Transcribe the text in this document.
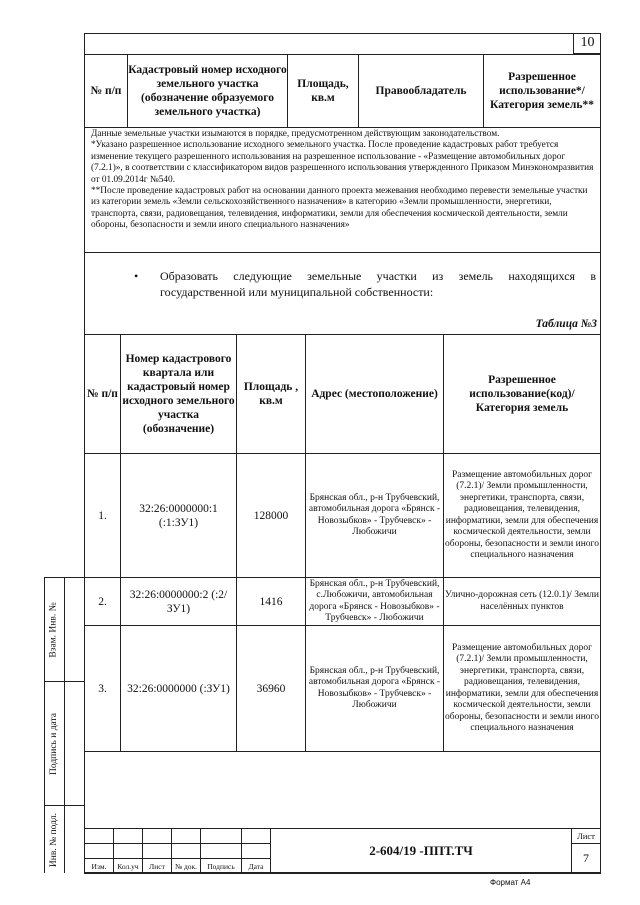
10
№ п/п	Кадастровый номер исходного земельного участка (обозначение образуемого земельного участка)	Площадь, кв.м	Правообладатель	Разрешенное использование*/ Категория земель**

Данные земельные участки изымаются в порядке, предусмотренном действующим законодательством.

*Указано разрешенное использование исходного земельного участка. После проведение кадастровых работ требуется изменение текущего разрешенного использования на разрешенное использование - «Размещение автомобильных дорог (7.2.1)», в соответствии с классификатором видов разрешенного использования утвержденного Приказом Минэкономразвития от 01.09.2014г №540.

**После проведение кадастровых работ на основании данного проекта межевания необходимо перевести земельные участки из категории земель «Земли сельскохозяйственного назначения» в категорию «Земли промышленности, энергетики, транспорта, связи, радиовещания, телевидения, информатики, земли для обеспечения космической деятельности, земли обороны, безопасности и земли иного специального назначения»

•	Образовать следующие земельные участки из земель находящихся в государственной или муниципальной собственности:
Таблица №3
№ п/п	Номер кадастрового квартала или кадастровый номер исходного земельного участка (обозначение)	Площадь , кв.м	Адрес (местоположение)	Разрешенное использование(код)/ Категория земель
1.	32:26:0000000:1 (:1:ЗУ1)	128000	Брянская обл., р-н Трубчевский, автомобильная дорога «Брянск - Новозыбков» - Трубчевск» - Любожичи	Размещение автомобильных дорог (7.2.1)/ Земли промышленности, энергетики, транспорта, связи, радиовещания, телевидения, информатики, земли для обеспечения космической деятельности, земли обороны, безопасности и земли иного специального назначения
2.	32:26:0000000:2 (:2/ЗУ1)	1416	Брянская обл., р-н Трубчевский, с.Любожичи, автомобильная дорога «Брянск - Новозыбков» - Трубчевск» - Любожичи	Улично-дорожная сеть (12.0.1)/ Земли населённых пунктов
3.	32:26:0000000 (:ЗУ1)	36960	Брянская обл., р-н Трубчевский, автомобильная дорога «Брянск - Новозыбков» - Трубчевск» - Любожичи	Размещение автомобильных дорог (7.2.1)/ Земли промышленности, энергетики, транспорта, связи, радиовещания, телевидения, информатики, земли для обеспечения космической деятельности, земли обороны, безопасности и земли иного специального назначения
Взам. Инв. №
Подпись и дата
Инв. № подл.
							2-604/19 -ППТ.ТЧ	Лист
							7
Изм.	Кол.уч	Лист	№ док.	Подпись	Дата		
Формат А4
